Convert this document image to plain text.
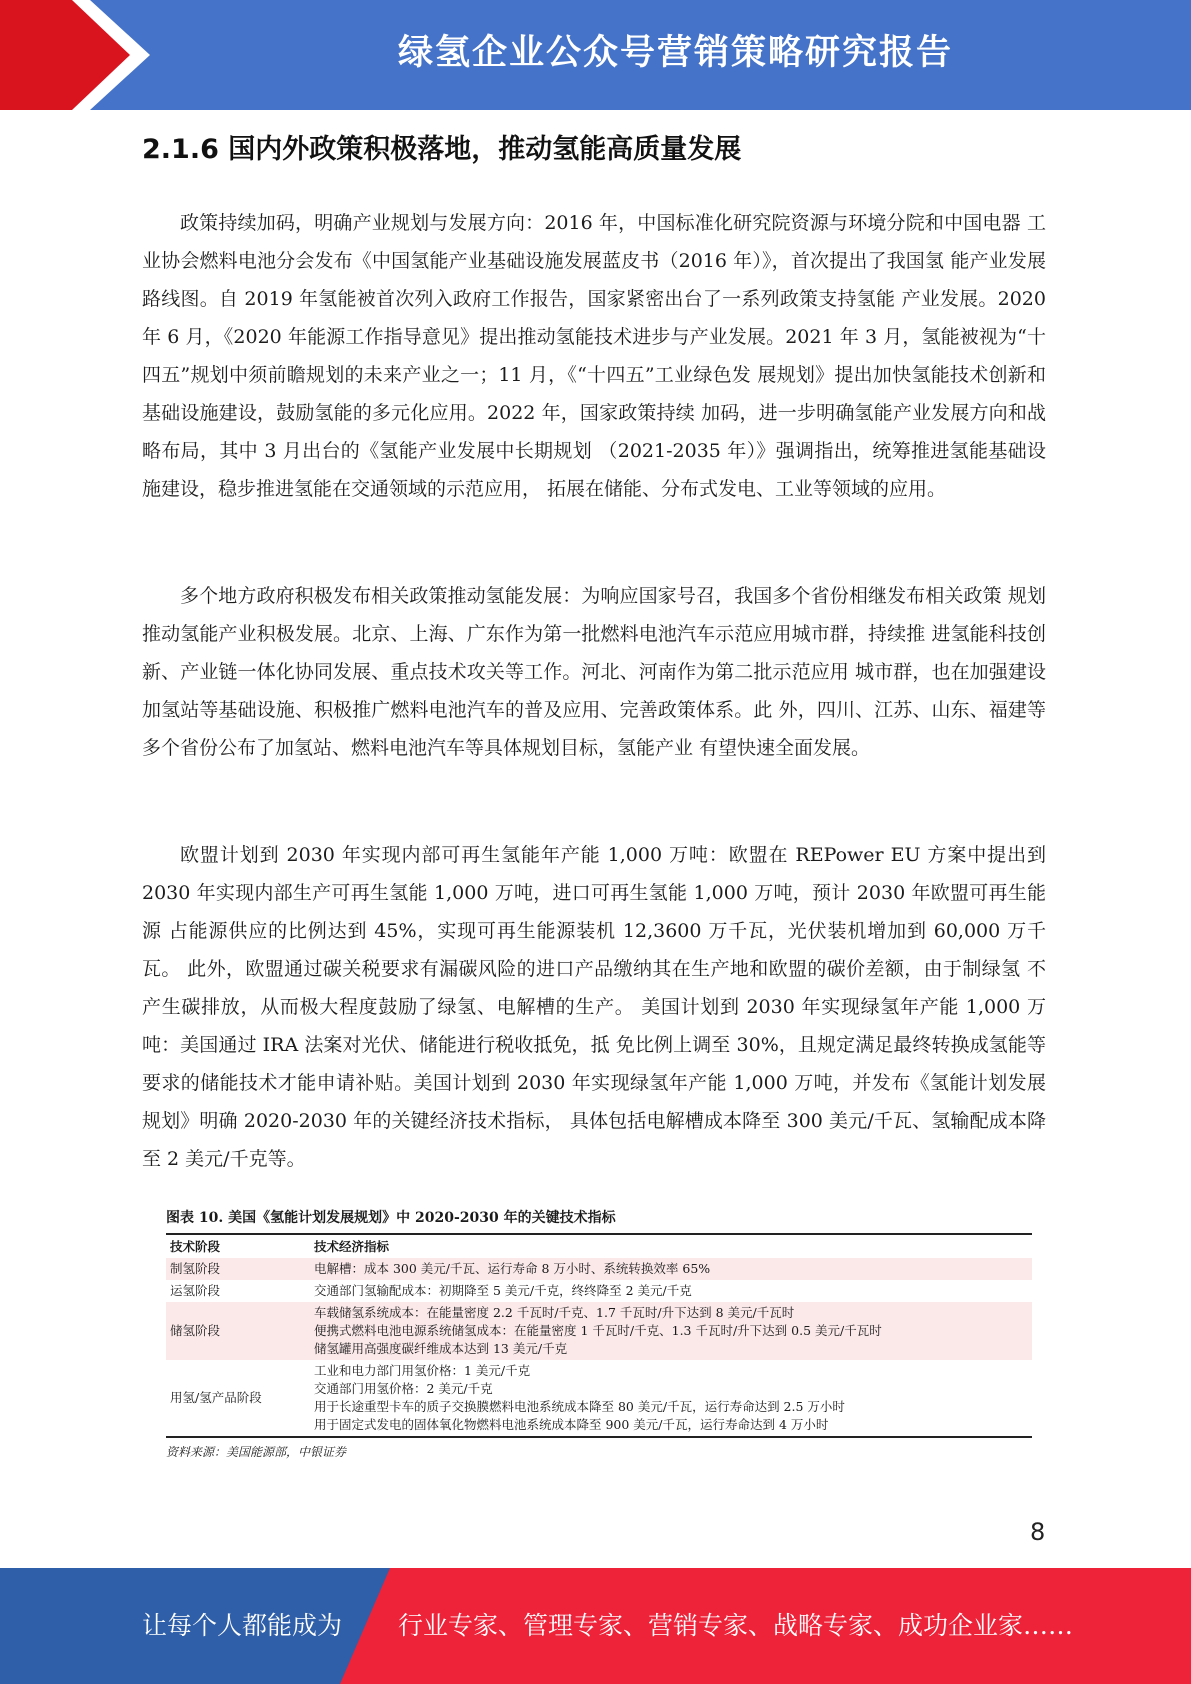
绿氢企业公众号营销策略研究报告
2.1.6 国内外政策积极落地，推动氢能高质量发展

政策持续加码，明确产业规划与发展方向：2016 年，中国标准化研究院资源与环境分院和中国电器 工业协会燃料电池分会发布《中国氢能产业基础设施发展蓝皮书（2016 年）》，首次提出了我国氢 能产业发展路线图。自 2019 年氢能被首次列入政府工作报告，国家紧密出台了一系列政策支持氢能 产业发展。2020 年 6 月，《2020 年能源工作指导意见》提出推动氢能技术进步与产业发展。2021 年 3 月，氢能被视为“十四五”规划中须前瞻规划的未来产业之一；11 月，《“十四五”工业绿色发 展规划》提出加快氢能技术创新和基础设施建设，鼓励氢能的多元化应用。2022 年，国家政策持续 加码，进一步明确氢能产业发展方向和战略布局，其中 3 月出台的《氢能产业发展中长期规划 （2021-2035 年）》强调指出，统筹推进氢能基础设施建设，稳步推进氢能在交通领域的示范应用， 拓展在储能、分布式发电、工业等领域的应用。

多个地方政府积极发布相关政策推动氢能发展：为响应国家号召，我国多个省份相继发布相关政策 规划推动氢能产业积极发展。北京、上海、广东作为第一批燃料电池汽车示范应用城市群，持续推 进氢能科技创新、产业链一体化协同发展、重点技术攻关等工作。河北、河南作为第二批示范应用 城市群，也在加强建设加氢站等基础设施、积极推广燃料电池汽车的普及应用、完善政策体系。此 外，四川、江苏、山东、福建等多个省份公布了加氢站、燃料电池汽车等具体规划目标，氢能产业 有望快速全面发展。

欧盟计划到 2030 年实现内部可再生氢能年产能 1,000 万吨：欧盟在 REPower EU 方案中提出到 2030 年实现内部生产可再生氢能 1,000 万吨，进口可再生氢能 1,000 万吨，预计 2030 年欧盟可再生能源 占能源供应的比例达到 45%，实现可再生能源装机 12,3600 万千瓦，光伏装机增加到 60,000 万千瓦。 此外，欧盟通过碳关税要求有漏碳风险的进口产品缴纳其在生产地和欧盟的碳价差额，由于制绿氢 不产生碳排放，从而极大程度鼓励了绿氢、电解槽的生产。 美国计划到 2030 年实现绿氢年产能 1,000 万吨：美国通过 IRA 法案对光伏、储能进行税收抵免，抵 免比例上调至 30%，且规定满足最终转换成氢能等要求的储能技术才能申请补贴。美国计划到 2030 年实现绿氢年产能 1,000 万吨，并发布《氢能计划发展规划》明确 2020-2030 年的关键经济技术指标， 具体包括电解槽成本降至 300 美元/千瓦、氢输配成本降至 2 美元/千克等。

图表 10. 美国《氢能计划发展规划》中 2020-2030 年的关键技术指标
技术阶段	技术经济指标
制氢阶段	电解槽：成本 300 美元/千瓦、运行寿命 8 万小时、系统转换效率 65%

运氢阶段	交通部门氢输配成本：初期降至 5 美元/千克，终终降至 2 美元/千克

储氢阶段	车载储氢系统成本：在能量密度 2.2 千瓦时/千克、1.7 千瓦时/升下达到 8 美元/千瓦时
便携式燃料电池电源系统储氢成本：在能量密度 1 千瓦时/千克、1.3 千瓦时/升下达到 0.5 美元/千瓦时
储氢罐用高强度碳纤维成本达到 13 美元/千克

用氢/氢产品阶段	工业和电力部门用氢价格：1 美元/千克
交通部门用氢价格：2 美元/千克
用于长途重型卡车的质子交换膜燃料电池系统成本降至 80 美元/千瓦，运行寿命达到 2.5 万小时
用于固定式发电的固体氧化物燃料电池系统成本降至 900 美元/千瓦，运行寿命达到 4 万小时
资料来源：美国能源部，中银证券
8
让每个人都能成为 行业专家、管理专家、营销专家、战略专家、成功企业家……
